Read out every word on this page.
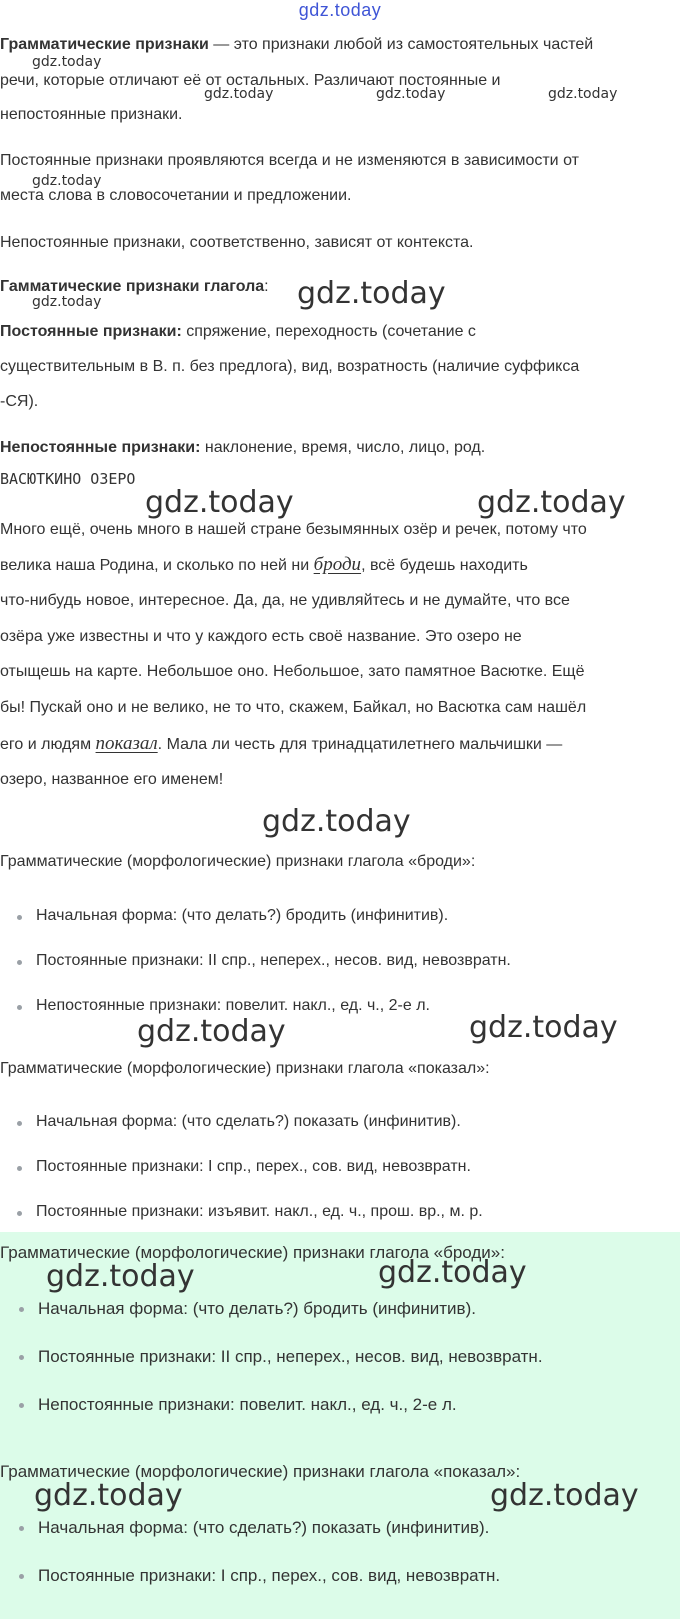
gdz.today
Грамматические признаки — это признаки любой из самостоятельных частей
речи, которые отличают её от остальных. Различают постоянные и
непостоянные признаки.
Постоянные признаки проявляются всегда и не изменяются в зависимости от
места слова в словосочетании и предложении.
Непостоянные признаки, соответственно, зависят от контекста.
Гамматические признаки глагола:
Постоянные признаки: спряжение, переходность (сочетание с
существительным в В. п. без предлога), вид, возратность (наличие суффикса
-СЯ).
Непостоянные признаки: наклонение, время, число, лицо, род.
ВАСЮТКИНО ОЗЕРО
Много ещё, очень много в нашей стране безымянных озёр и речек, потому что
велика наша Родина, и сколько по ней ни броди, всё будешь находить
что-нибудь новое, интересное. Да, да, не удивляйтесь и не думайте, что все
озёра уже известны и что у каждого есть своё название. Это озеро не
отыщешь на карте. Небольшое оно. Небольшое, зато памятное Васютке. Ещё
бы! Пускай оно и не велико, не то что, скажем, Байкал, но Васютка сам нашёл
его и людям показал. Мала ли честь для тринадцатилетнего мальчишки —
озеро, названное его именем!
Грамматические (морфологические) признаки глагола «броди»:
Начальная форма: (что делать?) бродить (инфинитив).
Постоянные признаки: II спр., неперех., несов. вид, невозвратн.
Непостоянные признаки: повелит. накл., ед. ч., 2-е л.
Грамматические (морфологические) признаки глагола «показал»:
Начальная форма: (что сделать?) показать (инфинитив).
Постоянные признаки: I спр., перех., сов. вид, невозвратн.
Постоянные признаки: изъявит. накл., ед. ч., прош. вр., м. р.
Грамматические (морфологические) признаки глагола «броди»:
Начальная форма: (что делать?) бродить (инфинитив).
Постоянные признаки: II спр., неперех., несов. вид, невозвратн.
Непостоянные признаки: повелит. накл., ед. ч., 2-е л.
Грамматические (морфологические) признаки глагола «показал»:
Начальная форма: (что сделать?) показать (инфинитив).
Постоянные признаки: I спр., перех., сов. вид, невозвратн.
gdz.today
gdz.today	gdz.today	gdz.today
gdz.today
gdz.today	gdz.today
gdz.today	gdz.today
gdz.today
gdz.today	gdz.today
gdz.today	gdz.today
gdz.today	gdz.today
